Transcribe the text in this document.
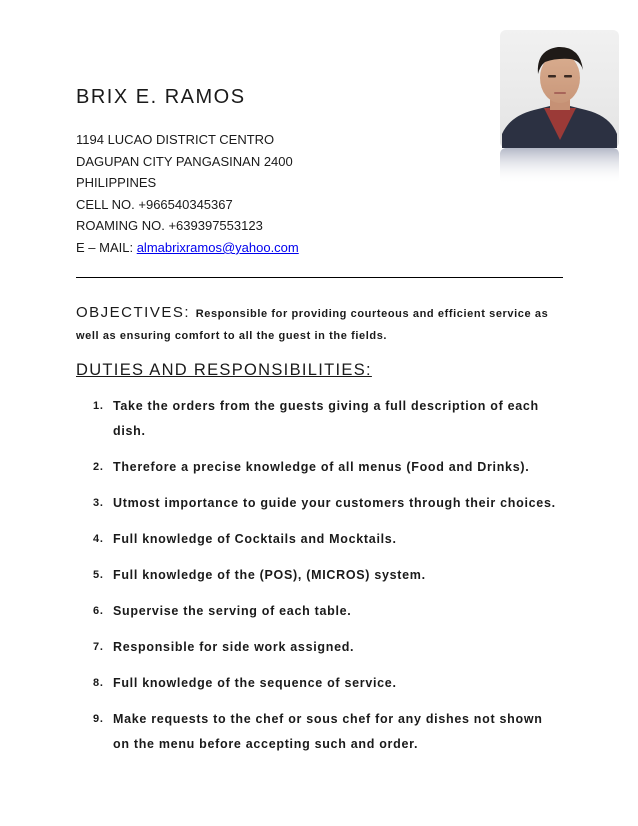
BRIX E. RAMOS
1194 LUCAO DISTRICT CENTRO
DAGUPAN CITY PANGASINAN 2400
PHILIPPINES
CELL NO. +966540345367
ROAMING NO. +639397553123
E – MAIL: almabrixramos@yahoo.com
OBJECTIVES: Responsible for providing courteous and efficient service as well as ensuring comfort to all the guest in the fields.
DUTIES AND RESPONSIBILITIES:
1. Take the orders from the guests giving a full description of each dish.
2. Therefore a precise knowledge of all menus (Food and Drinks).
3. Utmost importance to guide your customers through their choices.
4. Full knowledge of Cocktails and Mocktails.
5. Full knowledge of the (POS), (MICROS) system.
6. Supervise the serving of each table.
7. Responsible for side work assigned.
8. Full knowledge of the sequence of service.
9. Make requests to the chef or sous chef for any dishes not shown on the menu before accepting such and order.
